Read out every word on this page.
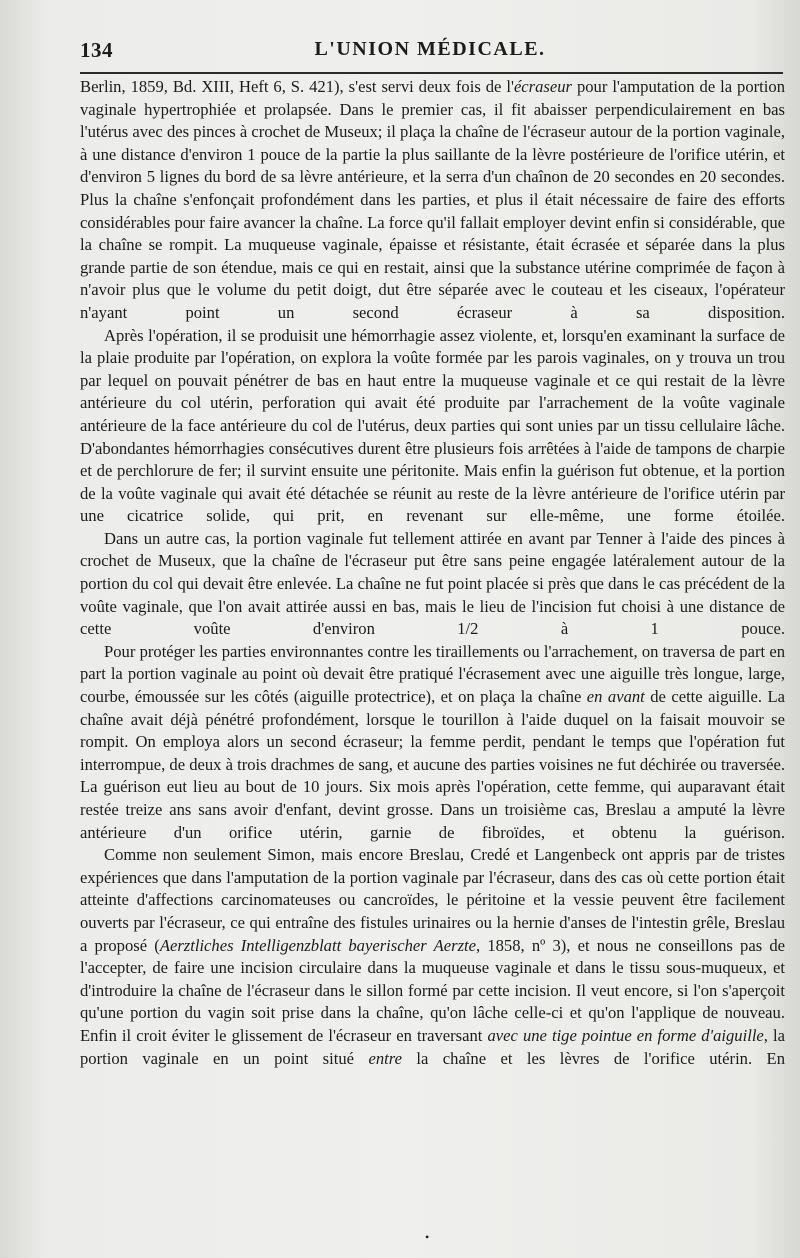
134	L'UNION MÉDICALE.

Berlin, 1859, Bd. XIII, Heft 6, S. 421), s'est servi deux fois de l'écraseur pour l'amputation de la portion vaginale hypertrophiée et prolapsée. Dans le premier cas, il fit abaisser perpendiculairement en bas l'utérus avec des pinces à crochet de Museux; il plaça la chaîne de l'écraseur autour de la portion vaginale, à une distance d'environ 1 pouce de la partie la plus saillante de la lèvre postérieure de l'orifice utérin, et d'environ 5 lignes du bord de sa lèvre antérieure, et la serra d'un chaînon de 20 secondes en 20 secondes. Plus la chaîne s'enfonçait profondément dans les parties, et plus il était nécessaire de faire des efforts considérables pour faire avancer la chaîne. La force qu'il fallait employer devint enfin si considérable, que la chaîne se rompit. La muqueuse vaginale, épaisse et résistante, était écrasée et séparée dans la plus grande partie de son étendue, mais ce qui en restait, ainsi que la substance utérine comprimée de façon à n'avoir plus que le volume du petit doigt, dut être séparée avec le couteau et les ciseaux, l'opérateur n'ayant point un second écraseur à sa disposition.

Après l'opération, il se produisit une hémorrhagie assez violente, et, lorsqu'en examinant la surface de la plaie produite par l'opération, on explora la voûte formée par les parois vaginales, on y trouva un trou par lequel on pouvait pénétrer de bas en haut entre la muqueuse vaginale et ce qui restait de la lèvre antérieure du col utérin, perforation qui avait été produite par l'arrachement de la voûte vaginale antérieure de la face antérieure du col de l'utérus, deux parties qui sont unies par un tissu cellulaire lâche. D'abondantes hémorrhagies consécutives durent être plusieurs fois arrêtées à l'aide de tampons de charpie et de perchlorure de fer; il survint ensuite une péritonite. Mais enfin la guérison fut obtenue, et la portion de la voûte vaginale qui avait été détachée se réunit au reste de la lèvre antérieure de l'orifice utérin par une cicatrice solide, qui prit, en revenant sur elle-même, une forme étoilée.

Dans un autre cas, la portion vaginale fut tellement attirée en avant par Tenner à l'aide des pinces à crochet de Museux, que la chaîne de l'écraseur put être sans peine engagée latéralement autour de la portion du col qui devait être enlevée. La chaîne ne fut point placée si près que dans le cas précédent de la voûte vaginale, que l'on avait attirée aussi en bas, mais le lieu de l'incision fut choisi à une distance de cette voûte d'environ 1/2 à 1 pouce.

Pour protéger les parties environnantes contre les tiraillements ou l'arrachement, on traversa de part en part la portion vaginale au point où devait être pratiqué l'écrasement avec une aiguille très longue, large, courbe, émoussée sur les côtés (aiguille protectrice), et on plaça la chaîne en avant de cette aiguille. La chaîne avait déjà pénétré profondément, lorsque le tourillon à l'aide duquel on la faisait mouvoir se rompit. On employa alors un second écraseur; la femme perdit, pendant le temps que l'opération fut interrompue, de deux à trois drachmes de sang, et aucune des parties voisines ne fut déchirée ou traversée. La guérison eut lieu au bout de 10 jours. Six mois après l'opération, cette femme, qui auparavant était restée treize ans sans avoir d'enfant, devint grosse. Dans un troisième cas, Breslau a amputé la lèvre antérieure d'un orifice utérin, garnie de fibroïdes, et obtenu la guérison.

Comme non seulement Simon, mais encore Breslau, Credé et Langenbeck ont appris par de tristes expériences que dans l'amputation de la portion vaginale par l'écraseur, dans des cas où cette portion était atteinte d'affections carcinomateuses ou cancroïdes, le péritoine et la vessie peuvent être facilement ouverts par l'écraseur, ce qui entraîne des fistules urinaires ou la hernie d'anses de l'intestin grêle, Breslau a proposé (Aerztliches Intelligenzblatt bayerischer Aerzte, 1858, nº 3), et nous ne conseillons pas de l'accepter, de faire une incision circulaire dans la muqueuse vaginale et dans le tissu sous-muqueux, et d'introduire la chaîne de l'écraseur dans le sillon formé par cette incision. Il veut encore, si l'on s'aperçoit qu'une portion du vagin soit prise dans la chaîne, qu'on lâche celle-ci et qu'on l'applique de nouveau. Enfin il croit éviter le glissement de l'écraseur en traversant avec une tige pointue en forme d'aiguille, la portion vaginale en un point situé entre la chaîne et les lèvres de l'orifice utérin. En

•
